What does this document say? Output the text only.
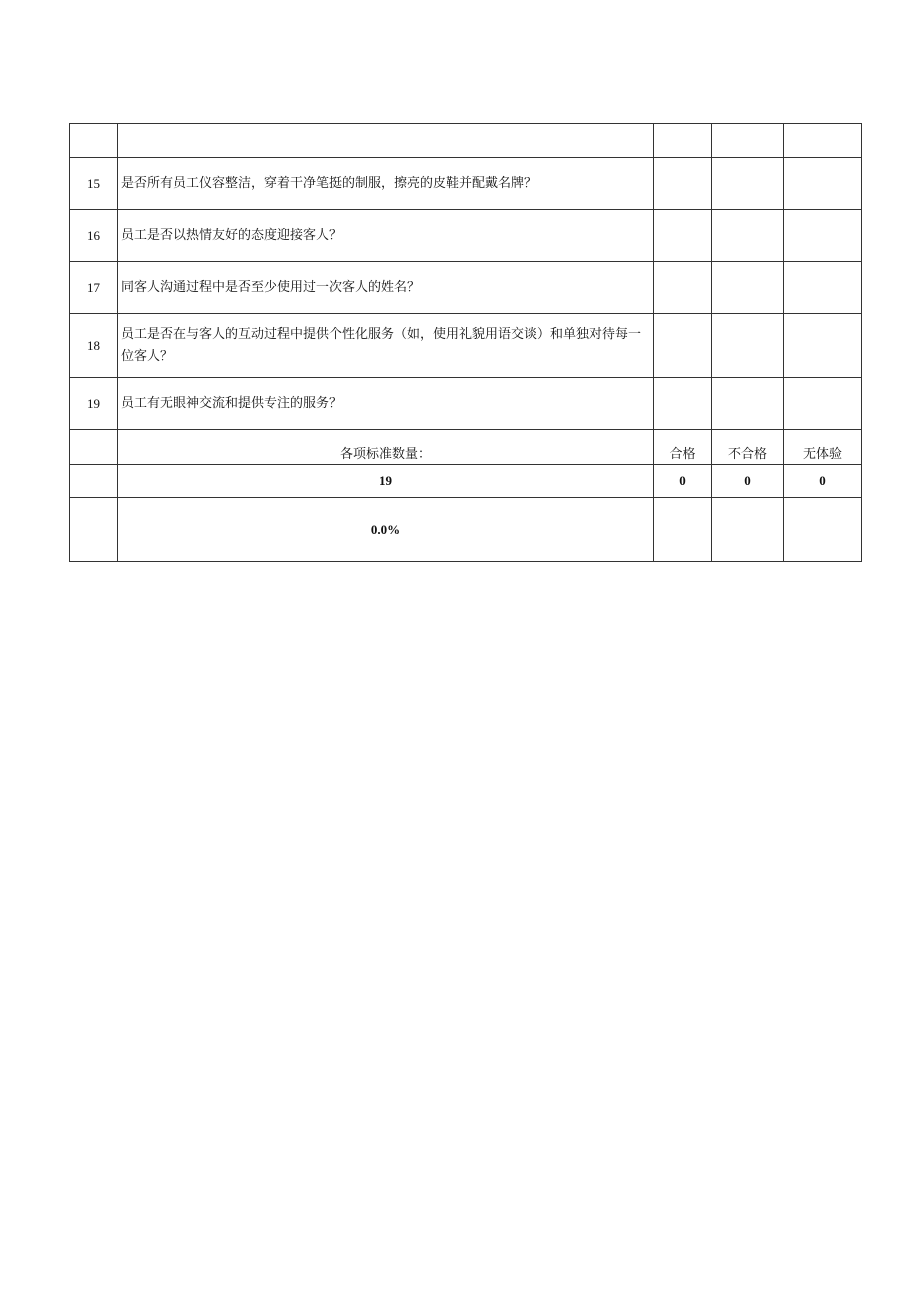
15	是否所有员工仪容整洁，穿着干净笔挺的制服，擦亮的皮鞋并配戴名牌？			
16	员工是否以热情友好的态度迎接客人？			
17	同客人沟通过程中是否至少使用过一次客人的姓名？			
18	员工是否在与客人的互动过程中提供个性化服务（如，使用礼貌用语交谈）和单独对待每一位客人？			
19	员工有无眼神交流和提供专注的服务？			
	各项标准数量：	合格	不合格	无体验
	19	0	0	0
	0.0%			
